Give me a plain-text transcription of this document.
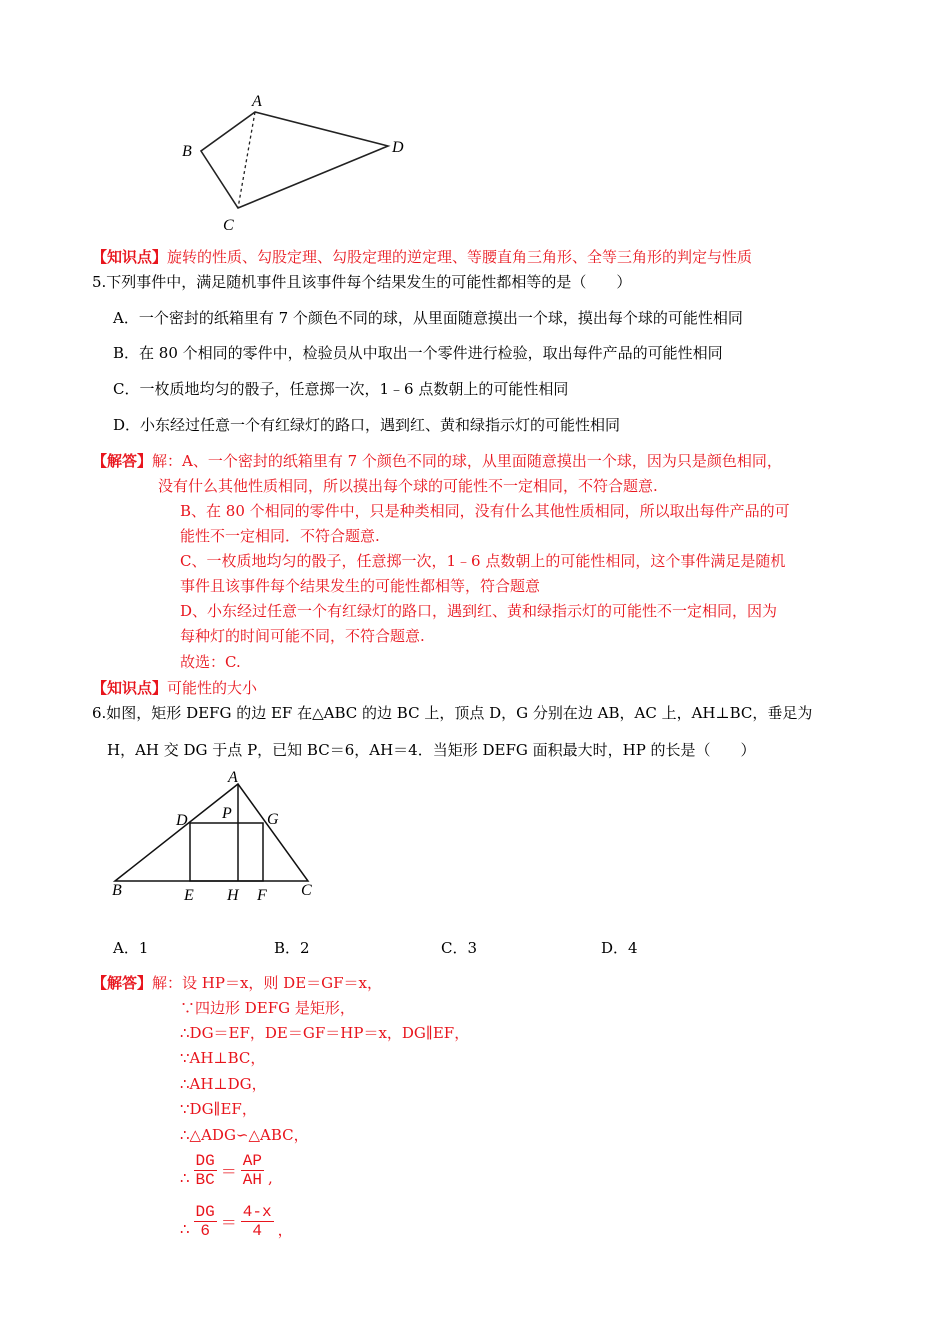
A
B
C
D
【知识点】旋转的性质、勾股定理、勾股定理的逆定理、等腰直角三角形、全等三角形的判定与性质
5.下列事件中，满足随机事件且该事件每个结果发生的可能性都相等的是（　　）
A．一个密封的纸箱里有 7 个颜色不同的球，从里面随意摸出一个球，摸出每个球的可能性相同
B．在 80 个相同的零件中，检验员从中取出一个零件进行检验，取出每件产品的可能性相同
C．一枚质地均匀的骰子，任意掷一次，1﹣6 点数朝上的可能性相同
D．小东经过任意一个有红绿灯的路口，遇到红、黄和绿指示灯的可能性相同
【解答】解：A、一个密封的纸箱里有 7 个颜色不同的球，从里面随意摸出一个球，因为只是颜色相同，
没有什么其他性质相同，所以摸出每个球的可能性不一定相同，不符合题意.
B、在 80 个相同的零件中，只是种类相同，没有什么其他性质相同，所以取出每件产品的可
能性不一定相同．不符合题意.
C、一枚质地均匀的骰子，任意掷一次，1﹣6 点数朝上的可能性相同，这个事件满足是随机
事件且该事件每个结果发生的可能性都相等，符合题意
D、小东经过任意一个有红绿灯的路口，遇到红、黄和绿指示灯的可能性不一定相同，因为
每种灯的时间可能不同，不符合题意.
故选：C.
【知识点】可能性的大小
6.如图，矩形 DEFG 的边 EF 在△ABC 的边 BC 上，顶点 D，G 分别在边 AB，AC 上，AH⊥BC，垂足为
H，AH 交 DG 于点 P，已知 BC＝6，AH＝4．当矩形 DEFG 面积最大时，HP 的长是（　　）
A
B	C
D
E	F
G
H
P
A．1	B．2	C．3	D．4
【解答】解：设 HP＝x，则 DE＝GF＝x，
∵四边形 DEFG 是矩形，
∴DG＝EF，DE＝GF＝HP＝x，DG∥EF，
∵AH⊥BC，
∴AH⊥DG，
∵DG∥EF，
∴△ADG∽△ABC，
∴ $\frac{DG}{BC} = \frac{AP}{AH}$ ,
∴ $\frac{DG}{6} = \frac{4-x}{4}$ ，
